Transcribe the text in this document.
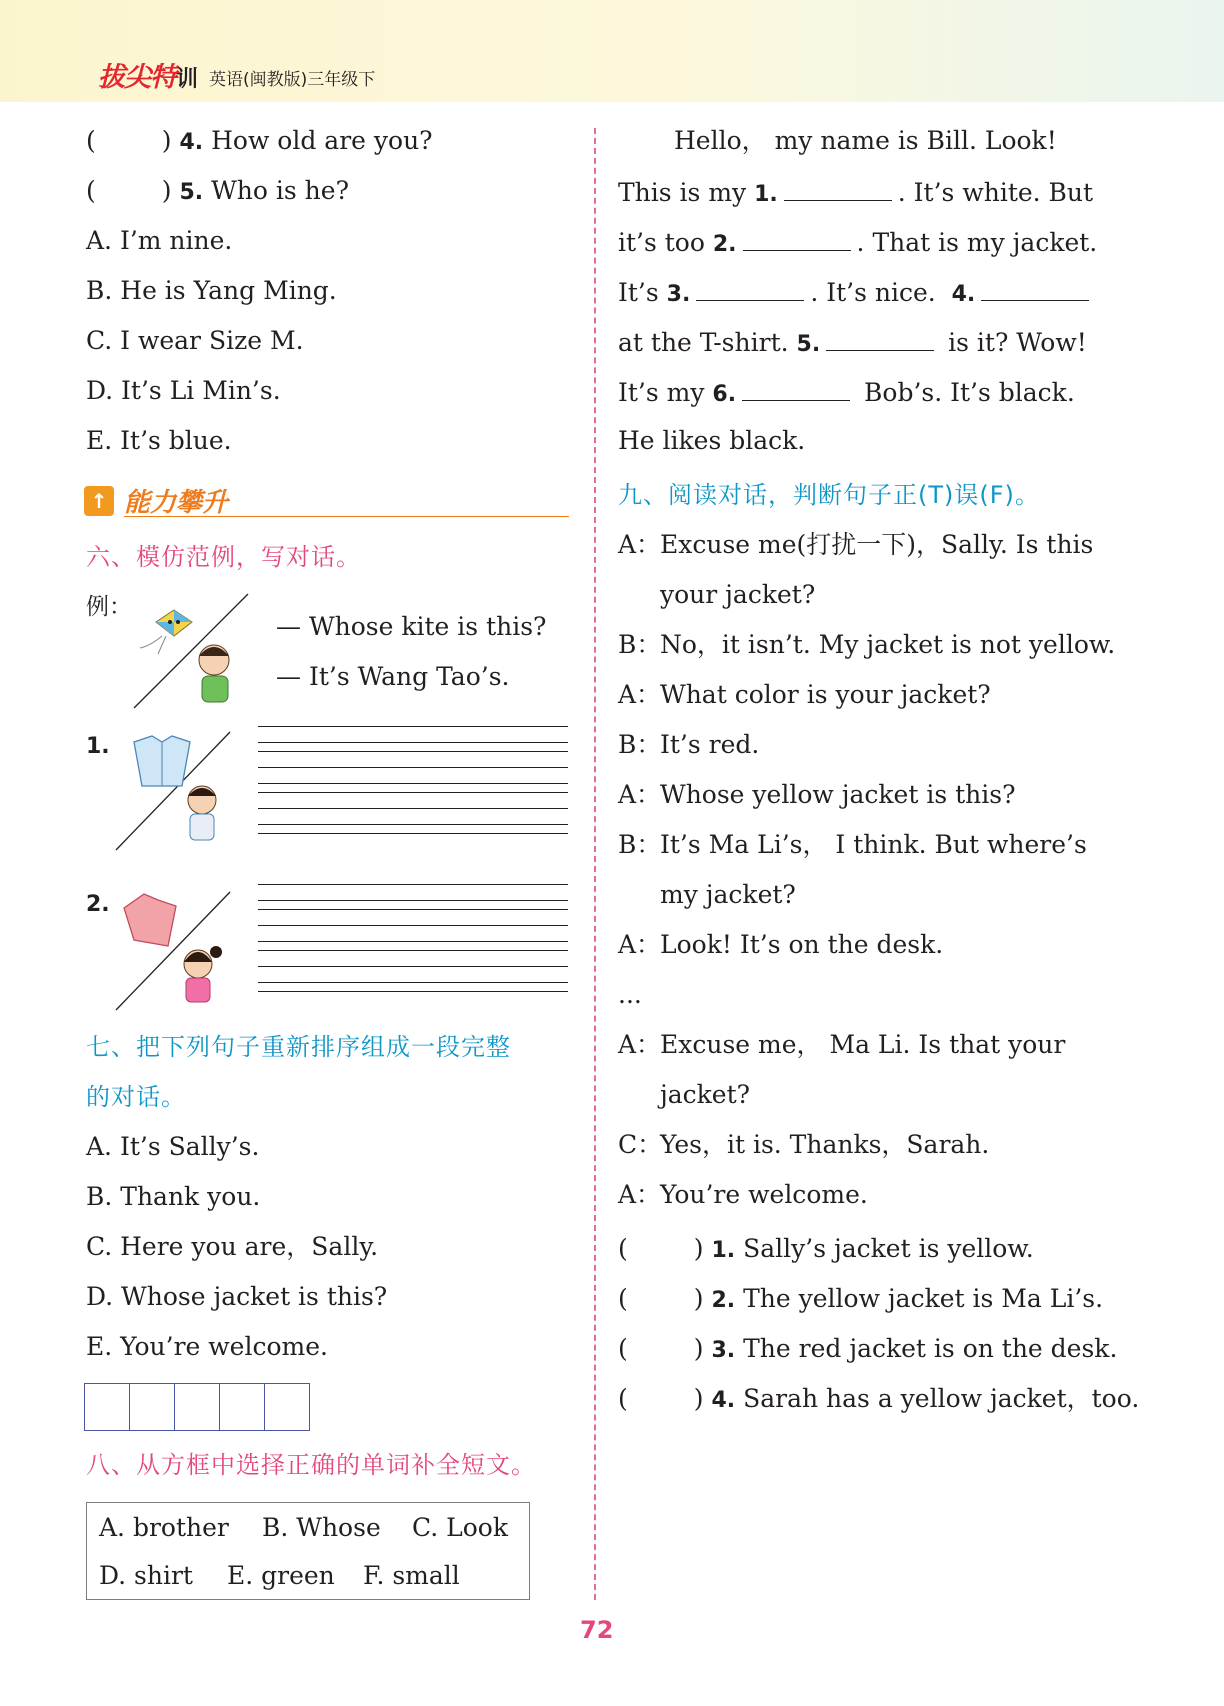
拔尖特训 英语(闽教版)三年级下
(	) 4. How old are you?
(	) 5. Who is he?
A. I’m nine.
B. He is Yang Ming.
C. I wear Size M.
D. It’s Li Min’s.
E. It’s blue.
↑ 能力攀升
六、模仿范例，写对话。
例：
— Whose kite is this?
— It’s Wang Tao’s.
1.
2.
七、把下列句子重新排序组成一段完整
的对话。
A. It’s Sally’s.
B. Thank you.
C. Here you are，Sally.
D. Whose jacket is this?
E. You’re welcome.
八、从方框中选择正确的单词补全短文。
A. brother B. Whose C. Look
D. shirt E. green F. small
Hello， my name is Bill. Look!
This is my 1.	. It’s white. But
it’s too 2.	. That is my jacket.
It’s 3.	. It’s nice. 4.
at the T-shirt. 5.	is it? Wow!
It’s my 6.	Bob’s. It’s black.
He likes black.
九、阅读对话，判断句子正(T)误(F)。
A：
Excuse me(打扰一下)，Sally. Is this
your jacket?
B：
No，it isn’t. My jacket is not yellow.
A：
What color is your jacket?
B：
It’s red.
A：
Whose yellow jacket is this?
B：
It’s Ma Li’s， I think. But where’s
my jacket?
A：
Look! It’s on the desk.
...
A：
Excuse me， Ma Li. Is that your
jacket?
C：
Yes，it is. Thanks，Sarah.
A：
You’re welcome.
(	) 1. Sally’s jacket is yellow.
(	) 2. The yellow jacket is Ma Li’s.
(	) 3. The red jacket is on the desk.
(	) 4. Sarah has a yellow jacket，too.
72
